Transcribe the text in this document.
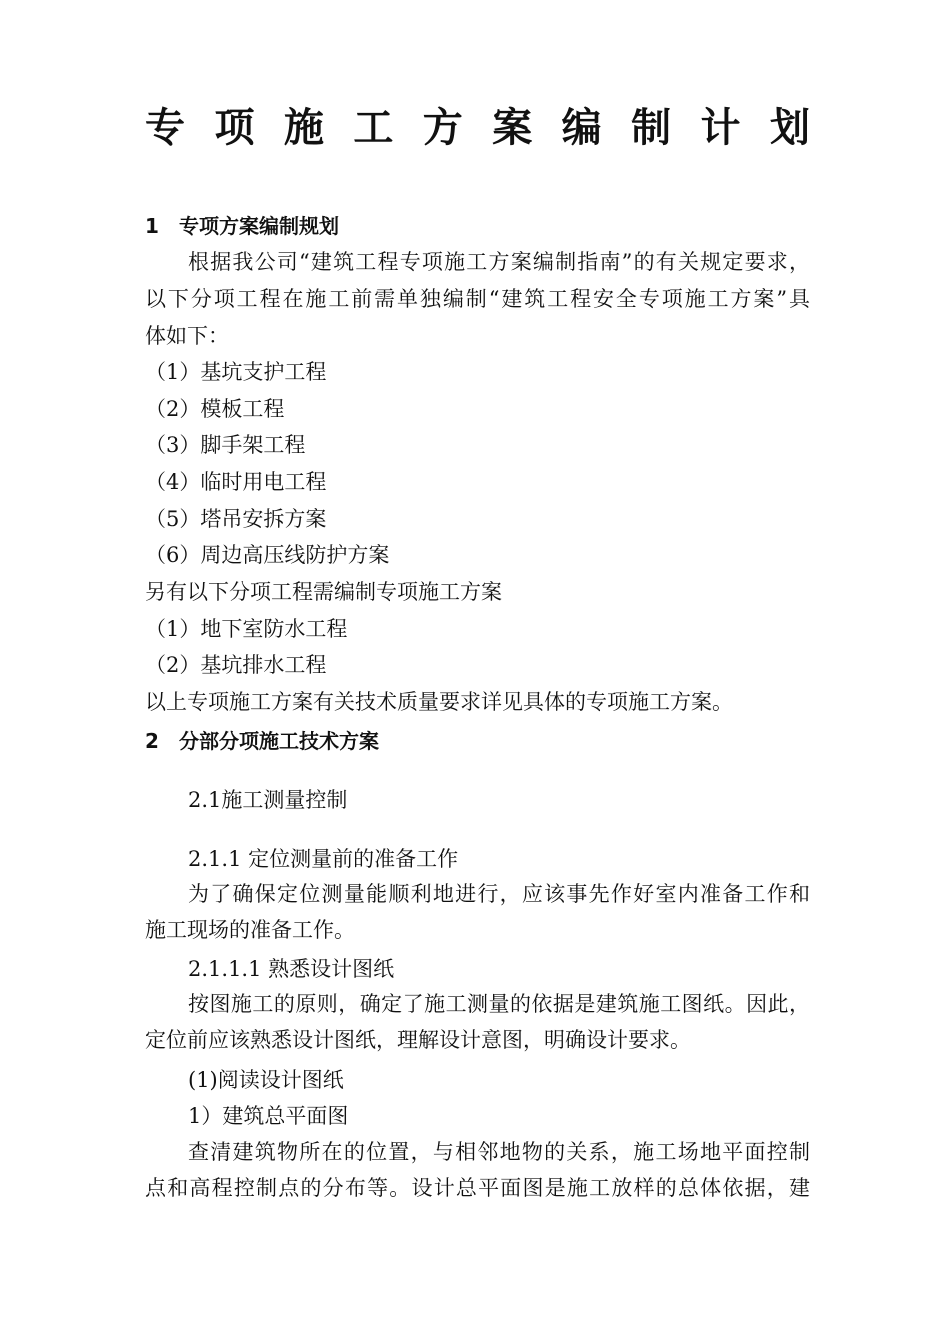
专 项 施 工 方 案 编 制 计 划
1 专项方案编制规划
根据我公司“建筑工程专项施工方案编制指南”的有关规定要求，
以下分项工程在施工前需单独编制“建筑工程安全专项施工方案”具
体如下：
（1）基坑支护工程
（2）模板工程
（3）脚手架工程
（4）临时用电工程
（5）塔吊安拆方案
（6）周边高压线防护方案
另有以下分项工程需编制专项施工方案
（1）地下室防水工程
（2）基坑排水工程
以上专项施工方案有关技术质量要求详见具体的专项施工方案。
2 分部分项施工技术方案
2.1施工测量控制
2.1.1 定位测量前的准备工作
为了确保定位测量能顺利地进行，应该事先作好室内准备工作和
施工现场的准备工作。
2.1.1.1 熟悉设计图纸
按图施工的原则，确定了施工测量的依据是建筑施工图纸。因此，
定位前应该熟悉设计图纸，理解设计意图，明确设计要求。
(1)阅读设计图纸
1）建筑总平面图
查清建筑物所在的位置，与相邻地物的关系，施工场地平面控制
点和高程控制点的分布等。设计总平面图是施工放样的总体依据，建
